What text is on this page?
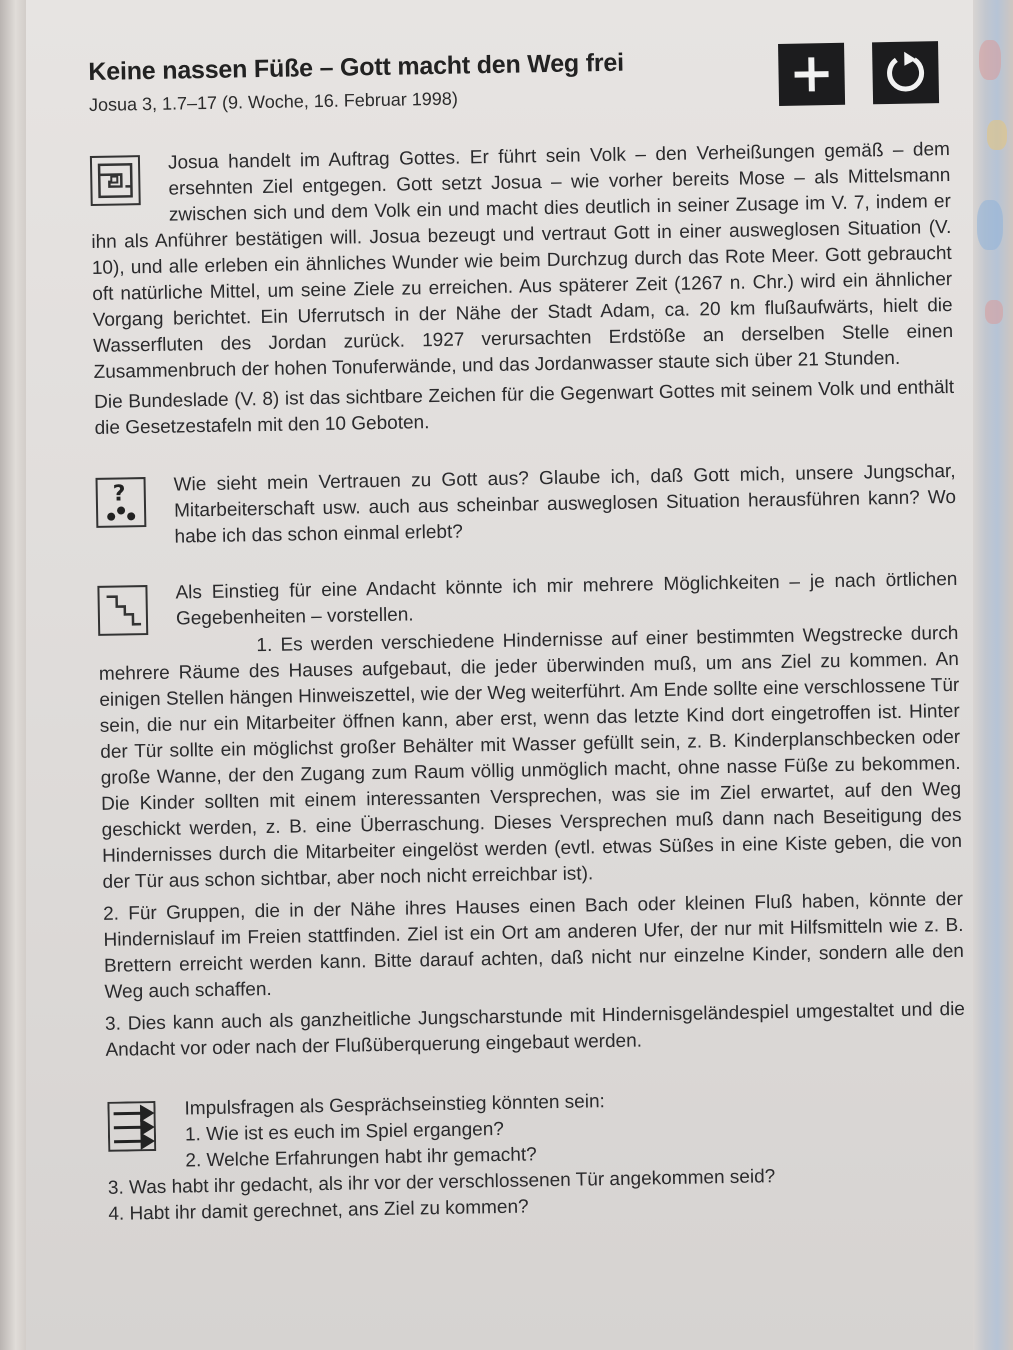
Keine nassen Füße – Gott macht den Weg frei
Josua 3, 1.7–17 (9. Woche, 16. Februar 1998)

Josua handelt im Auftrag Gottes. Er führt sein Volk – den Verheißungen gemäß – dem ersehnten Ziel entgegen. Gott setzt Josua – wie vorher bereits Mose – als Mittelsmann zwischen sich und dem Volk ein und macht dies deutlich in seiner Zusage im V. 7, indem er ihn als Anführer bestätigen will. Josua bezeugt und vertraut Gott in einer ausweglosen Situation (V. 10), und alle erleben ein ähnliches Wunder wie beim Durchzug durch das Rote Meer. Gott gebraucht oft natürliche Mittel, um seine Ziele zu erreichen. Aus späterer Zeit (1267 n. Chr.) wird ein ähnlicher Vorgang berichtet. Ein Uferrutsch in der Nähe der Stadt Adam, ca. 20 km flußaufwärts, hielt die Wasserfluten des Jordan zurück. 1927 verursachten Erdstöße an derselben Stelle einen Zusammenbruch der hohen Tonuferwände, und das Jordanwasser staute sich über 21 Stunden.

Die Bundeslade (V. 8) ist das sichtbare Zeichen für die Gegenwart Gottes mit seinem Volk und enthält die Gesetzestafeln mit den 10 Geboten.

?	Wie sieht mein Vertrauen zu Gott aus? Glaube ich, daß Gott mich, unsere Jungschar, Mitarbeiterschaft usw. auch aus scheinbar ausweglosen Situation herausführen kann? Wo habe ich das schon einmal erlebt?

Als Einstieg für eine Andacht könnte ich mir mehrere Möglichkeiten – je nach örtlichen Gegebenheiten – vorstellen.

1. Es werden verschiedene Hindernisse auf einer bestimmten Wegstrecke durch mehrere Räume des Hauses aufgebaut, die jeder überwinden muß, um ans Ziel zu kommen. An einigen Stellen hängen Hinweiszettel, wie der Weg weiterführt. Am Ende sollte eine verschlossene Tür sein, die nur ein Mitarbeiter öffnen kann, aber erst, wenn das letzte Kind dort eingetroffen ist. Hinter der Tür sollte ein möglichst großer Behälter mit Wasser gefüllt sein, z. B. Kinderplanschbecken oder große Wanne, der den Zugang zum Raum völlig unmöglich macht, ohne nasse Füße zu bekommen. Die Kinder sollten mit einem interessanten Versprechen, was sie im Ziel erwartet, auf den Weg geschickt werden, z. B. eine Überraschung. Dieses Versprechen muß dann nach Beseitigung des Hindernisses durch die Mitarbeiter eingelöst werden (evtl. etwas Süßes in eine Kiste geben, die von der Tür aus schon sichtbar, aber noch nicht erreichbar ist).

2. Für Gruppen, die in der Nähe ihres Hauses einen Bach oder kleinen Fluß haben, könnte der Hindernislauf im Freien stattfinden. Ziel ist ein Ort am anderen Ufer, der nur mit Hilfsmitteln wie z. B. Brettern erreicht werden kann. Bitte darauf achten, daß nicht nur einzelne Kinder, sondern alle den Weg auch schaffen.

3. Dies kann auch als ganzheitliche Jungscharstunde mit Hindernisgeländespiel umgestaltet und die Andacht vor oder nach der Flußüberquerung eingebaut werden.

Impulsfragen als Gesprächseinstieg könnten sein:

1. Wie ist es euch im Spiel ergangen?

2. Welche Erfahrungen habt ihr gemacht?

3. Was habt ihr gedacht, als ihr vor der verschlossenen Tür angekommen seid?

4. Habt ihr damit gerechnet, ans Ziel zu kommen?
